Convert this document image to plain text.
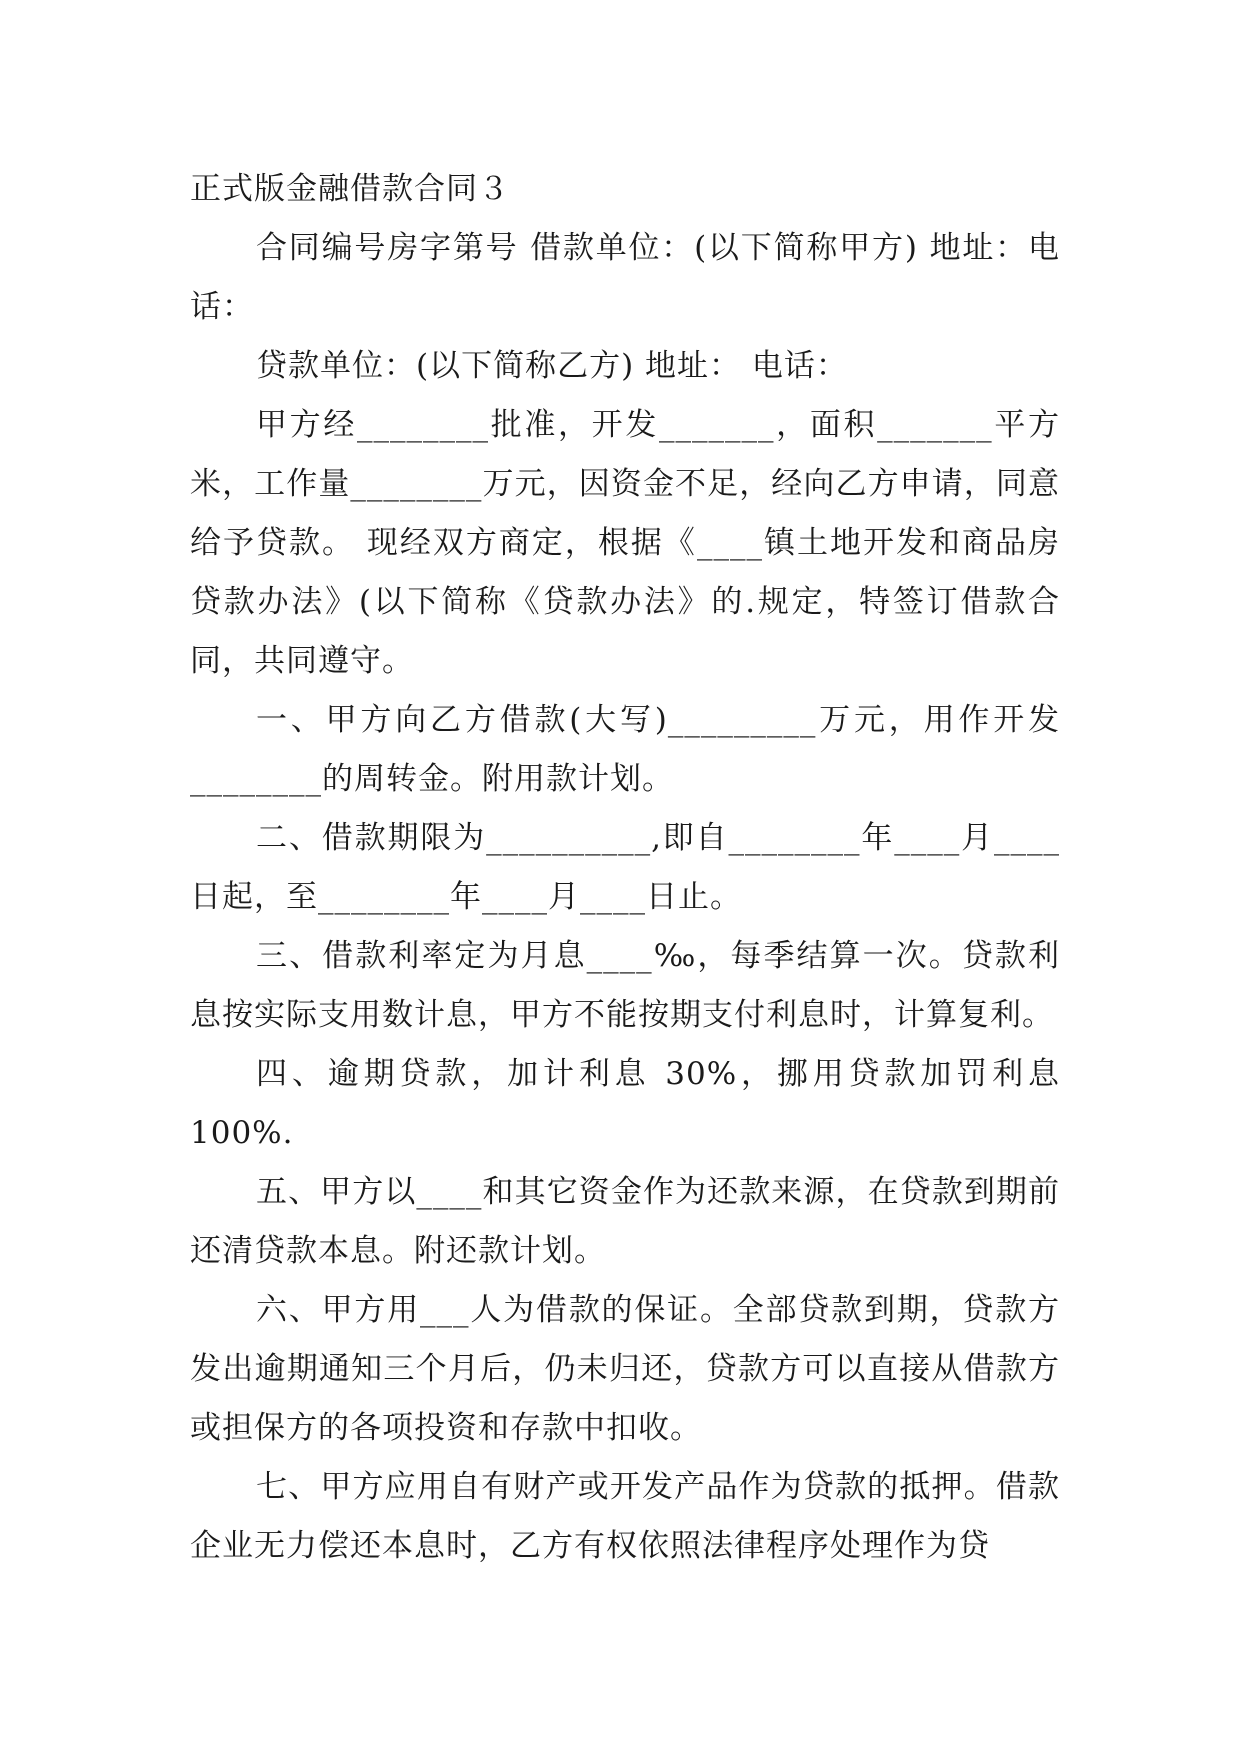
正式版金融借款合同３

合同编号房字第号 借款单位：(以下简称甲方) 地址：电话：

贷款单位：(以下简称乙方) 地址： 电话：

甲方经________批准，开发_______，面积_______平方米，工作量________万元，因资金不足，经向乙方申请，同意给予贷款。 现经双方商定，根据《____镇土地开发和商品房贷款办法》(以下简称《贷款办法》的.规定，特签订借款合同，共同遵守。

一、甲方向乙方借款(大写)_________万元，用作开发________的周转金。附用款计划。

二、借款期限为__________,即自________年____月____日起，至________年____月____日止。

三、借款利率定为月息____‰，每季结算一次。贷款利息按实际支用数计息，甲方不能按期支付利息时，计算复利。

四、逾期贷款，加计利息 30%，挪用贷款加罚利息100%.

五、甲方以____和其它资金作为还款来源，在贷款到期前还清贷款本息。附还款计划。

六、甲方用___人为借款的保证。全部贷款到期，贷款方发出逾期通知三个月后，仍未归还，贷款方可以直接从借款方或担保方的各项投资和存款中扣收。

七、甲方应用自有财产或开发产品作为贷款的抵押。借款企业无力偿还本息时，乙方有权依照法律程序处理作为贷
